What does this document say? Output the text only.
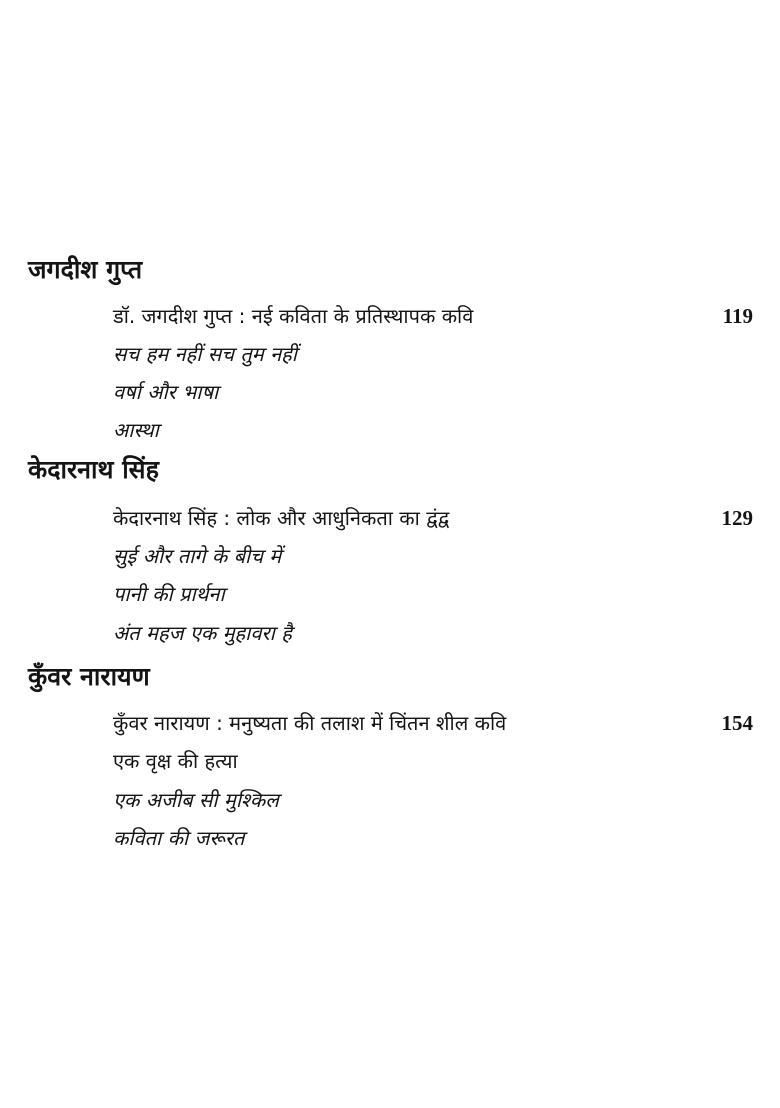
जगदीश गुप्त
डॉ. जगदीश गुप्त : नई कविता के प्रतिस्थापक कवि	119
सच हम नहीं सच तुम नहीं
वर्षा और भाषा
आस्था
केदारनाथ सिंह
केदारनाथ सिंह : लोक और आधुनिकता का द्वंद्व	129
सुई और तागे के बीच में
पानी की प्रार्थना
अंत महज एक मुहावरा है
कुँवर नारायण
कुँवर नारायण : मनुष्यता की तलाश में चिंतन शील कवि	154
एक वृक्ष की हत्या
एक अजीब सी मुश्किल
कविता की जरूरत
